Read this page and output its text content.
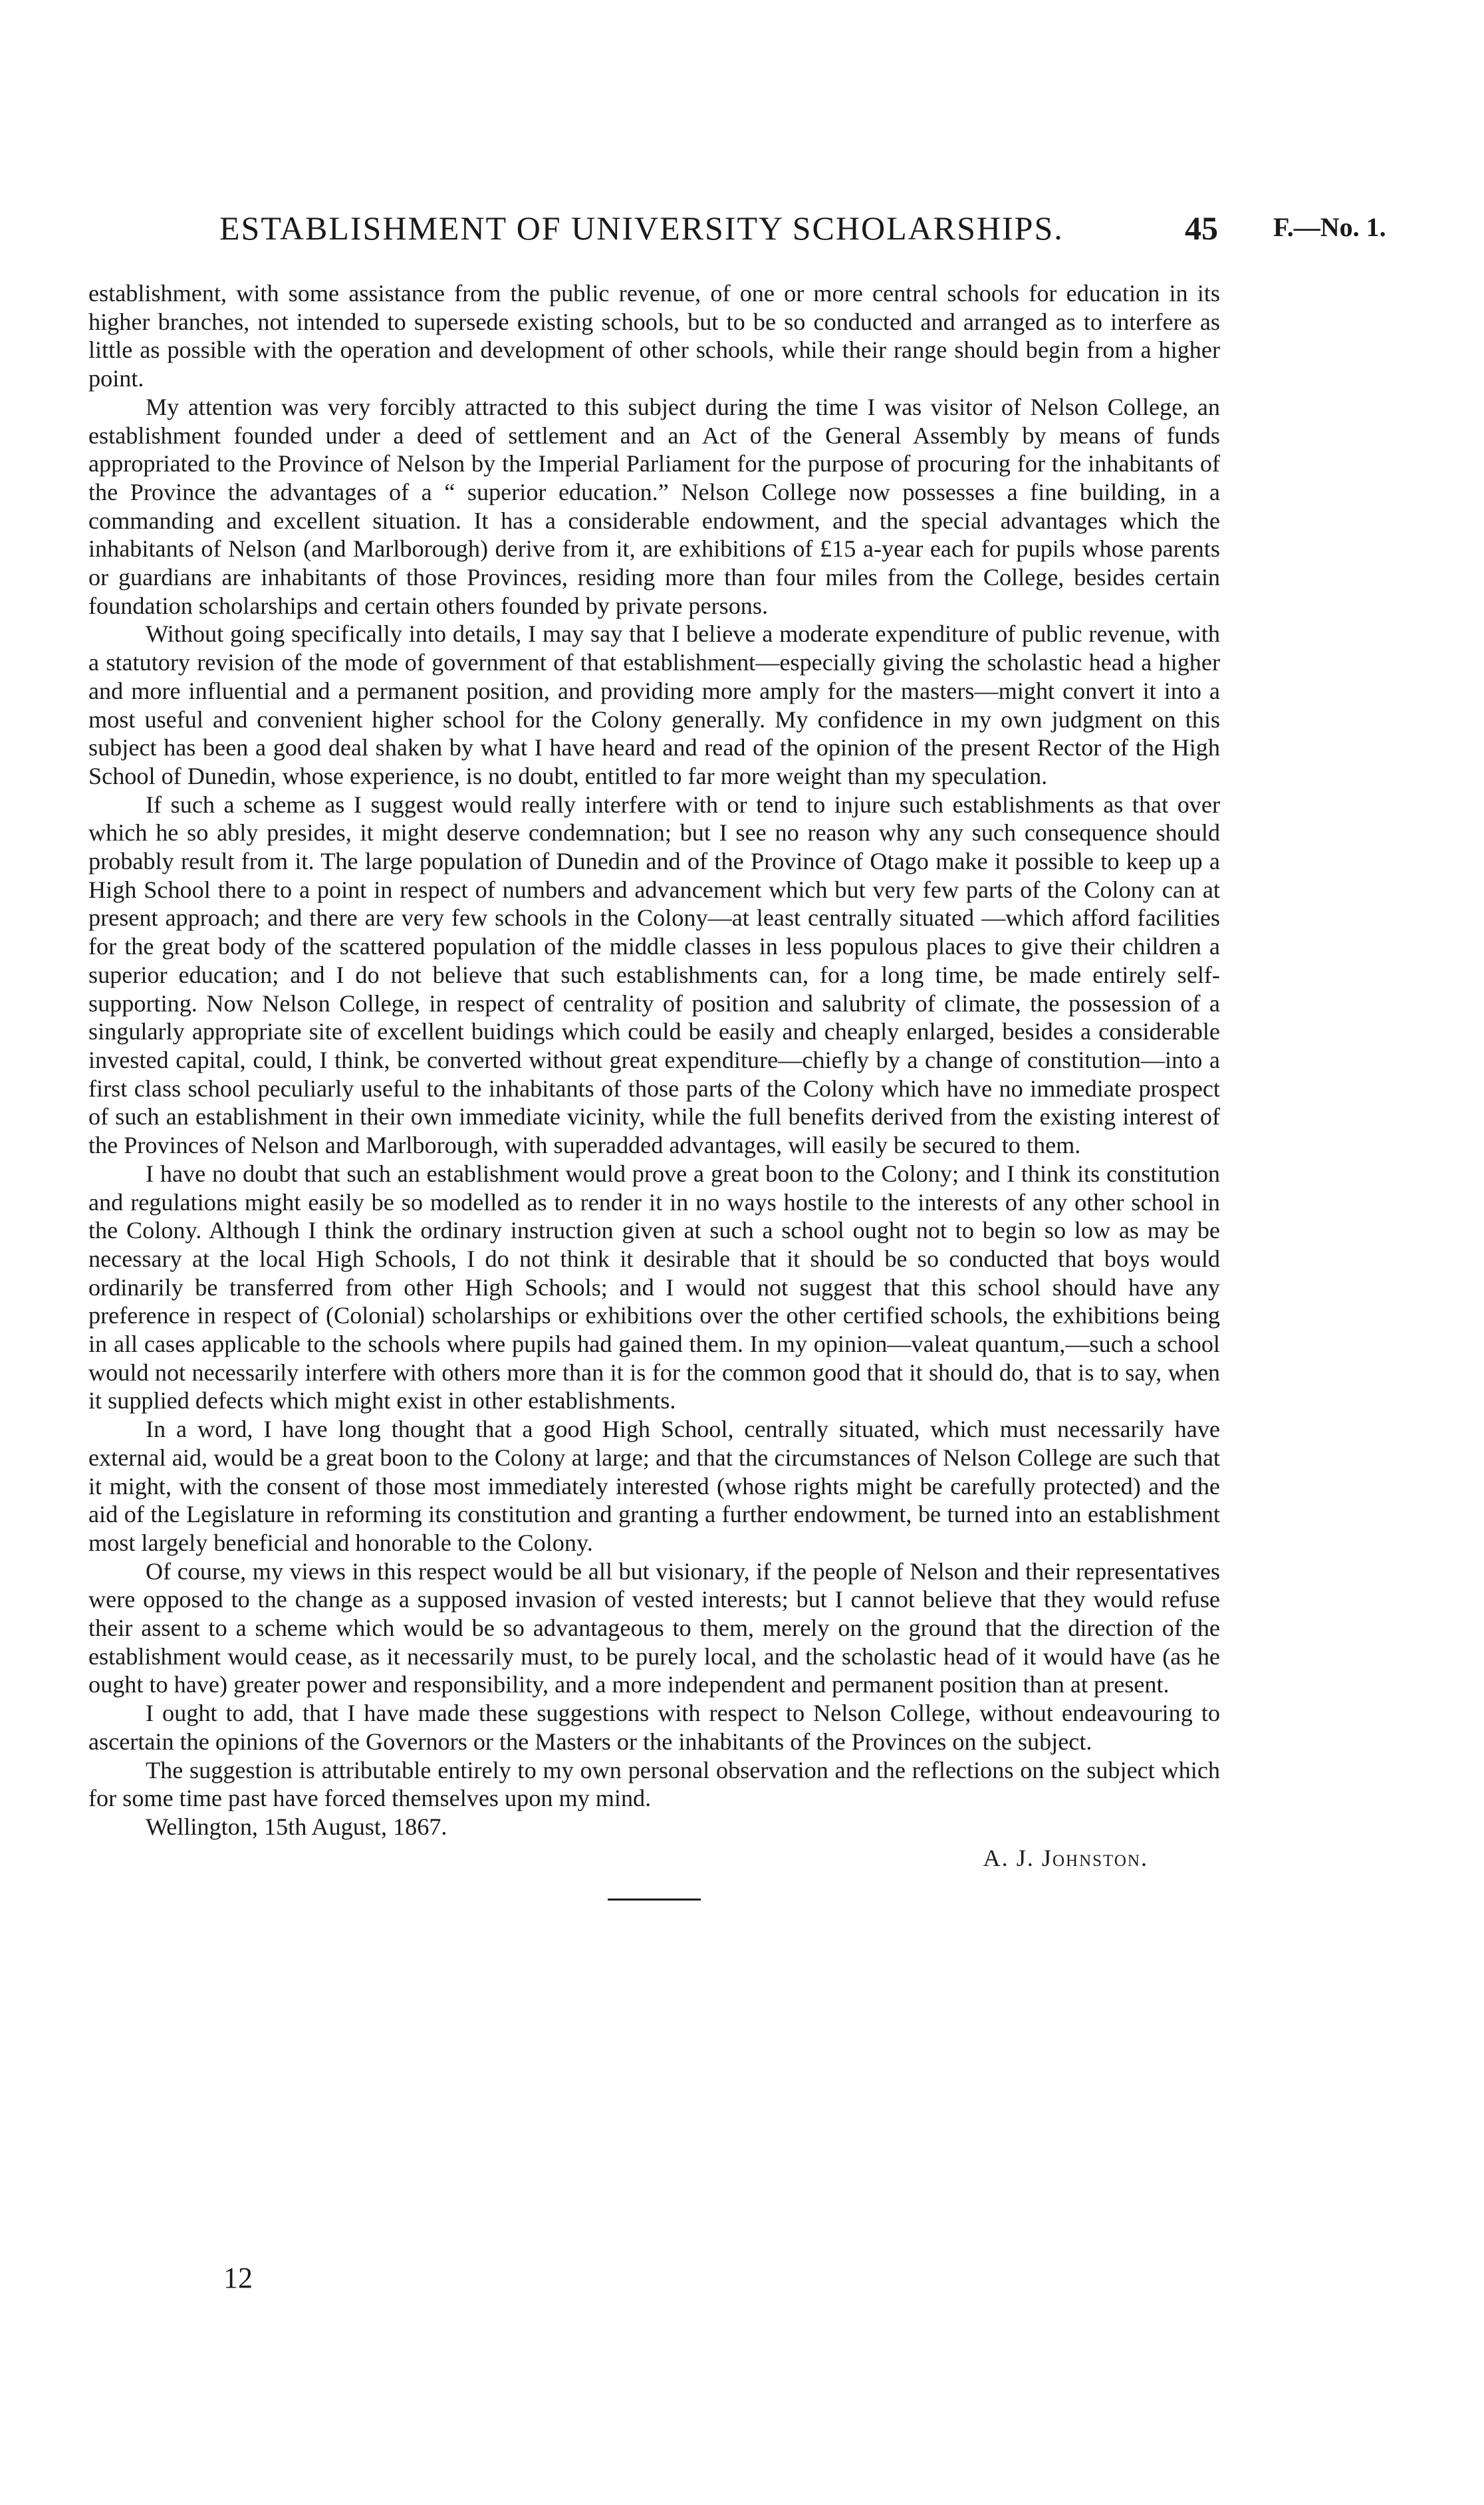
ESTABLISHMENT OF UNIVERSITY SCHOLARSHIPS.	45 F.—No. 1.

establishment, with some assistance from the public revenue, of one or more central schools for education in its higher branches, not intended to supersede existing schools, but to be so conducted and arranged as to interfere as little as possible with the operation and development of other schools, while their range should begin from a higher point.

My attention was very forcibly attracted to this subject during the time I was visitor of Nelson College, an establishment founded under a deed of settlement and an Act of the General Assembly by means of funds appropriated to the Province of Nelson by the Imperial Parliament for the purpose of procuring for the inhabitants of the Province the advantages of a “ superior education.” Nelson College now possesses a fine building, in a commanding and excellent situation. It has a considerable endowment, and the special advantages which the inhabitants of Nelson (and Marlborough) derive from it, are exhibitions of £15 a-year each for pupils whose parents or guardians are inhabitants of those Provinces, residing more than four miles from the College, besides certain foundation scholarships and certain others founded by private persons.

Without going specifically into details, I may say that I believe a moderate expenditure of public revenue, with a statutory revision of the mode of government of that establishment—especially giving the scholastic head a higher and more influential and a permanent position, and providing more amply for the masters—might convert it into a most useful and convenient higher school for the Colony generally. My confidence in my own judgment on this subject has been a good deal shaken by what I have heard and read of the opinion of the present Rector of the High School of Dunedin, whose experience, is no doubt, entitled to far more weight than my speculation.

If such a scheme as I suggest would really interfere with or tend to injure such establishments as that over which he so ably presides, it might deserve condemnation; but I see no reason why any such consequence should probably result from it. The large population of Dunedin and of the Province of Otago make it possible to keep up a High School there to a point in respect of numbers and advancement which but very few parts of the Colony can at present approach; and there are very few schools in the Colony—at least centrally situated —which afford facilities for the great body of the scattered population of the middle classes in less populous places to give their children a superior education; and I do not believe that such establishments can, for a long time, be made entirely self-supporting. Now Nelson College, in respect of centrality of position and salubrity of climate, the possession of a singularly appropriate site of excellent buidings which could be easily and cheaply enlarged, besides a considerable invested capital, could, I think, be converted without great expenditure—chiefly by a change of constitution—into a first class school peculiarly useful to the inhabitants of those parts of the Colony which have no immediate prospect of such an establishment in their own immediate vicinity, while the full benefits derived from the existing interest of the Provinces of Nelson and Marlborough, with superadded advantages, will easily be secured to them.

I have no doubt that such an establishment would prove a great boon to the Colony; and I think its constitution and regulations might easily be so modelled as to render it in no ways hostile to the interests of any other school in the Colony. Although I think the ordinary instruction given at such a school ought not to begin so low as may be necessary at the local High Schools, I do not think it desirable that it should be so conducted that boys would ordinarily be transferred from other High Schools; and I would not suggest that this school should have any preference in respect of (Colonial) scholarships or exhibitions over the other certified schools, the exhibitions being in all cases applicable to the schools where pupils had gained them. In my opinion—valeat quantum,—such a school would not necessarily interfere with others more than it is for the common good that it should do, that is to say, when it supplied defects which might exist in other establishments.

In a word, I have long thought that a good High School, centrally situated, which must necessarily have external aid, would be a great boon to the Colony at large; and that the circumstances of Nelson College are such that it might, with the consent of those most immediately interested (whose rights might be carefully protected) and the aid of the Legislature in reforming its constitution and granting a further endowment, be turned into an establishment most largely beneficial and honorable to the Colony.

Of course, my views in this respect would be all but visionary, if the people of Nelson and their representatives were opposed to the change as a supposed invasion of vested interests; but I cannot believe that they would refuse their assent to a scheme which would be so advantageous to them, merely on the ground that the direction of the establishment would cease, as it necessarily must, to be purely local, and the scholastic head of it would have (as he ought to have) greater power and responsibility, and a more independent and permanent position than at present.

I ought to add, that I have made these suggestions with respect to Nelson College, without endeavouring to ascertain the opinions of the Governors or the Masters or the inhabitants of the Provinces on the subject.

The suggestion is attributable entirely to my own personal observation and the reflections on the subject which for some time past have forced themselves upon my mind.

Wellington, 15th August, 1867.

A. J. Johnston.
12
